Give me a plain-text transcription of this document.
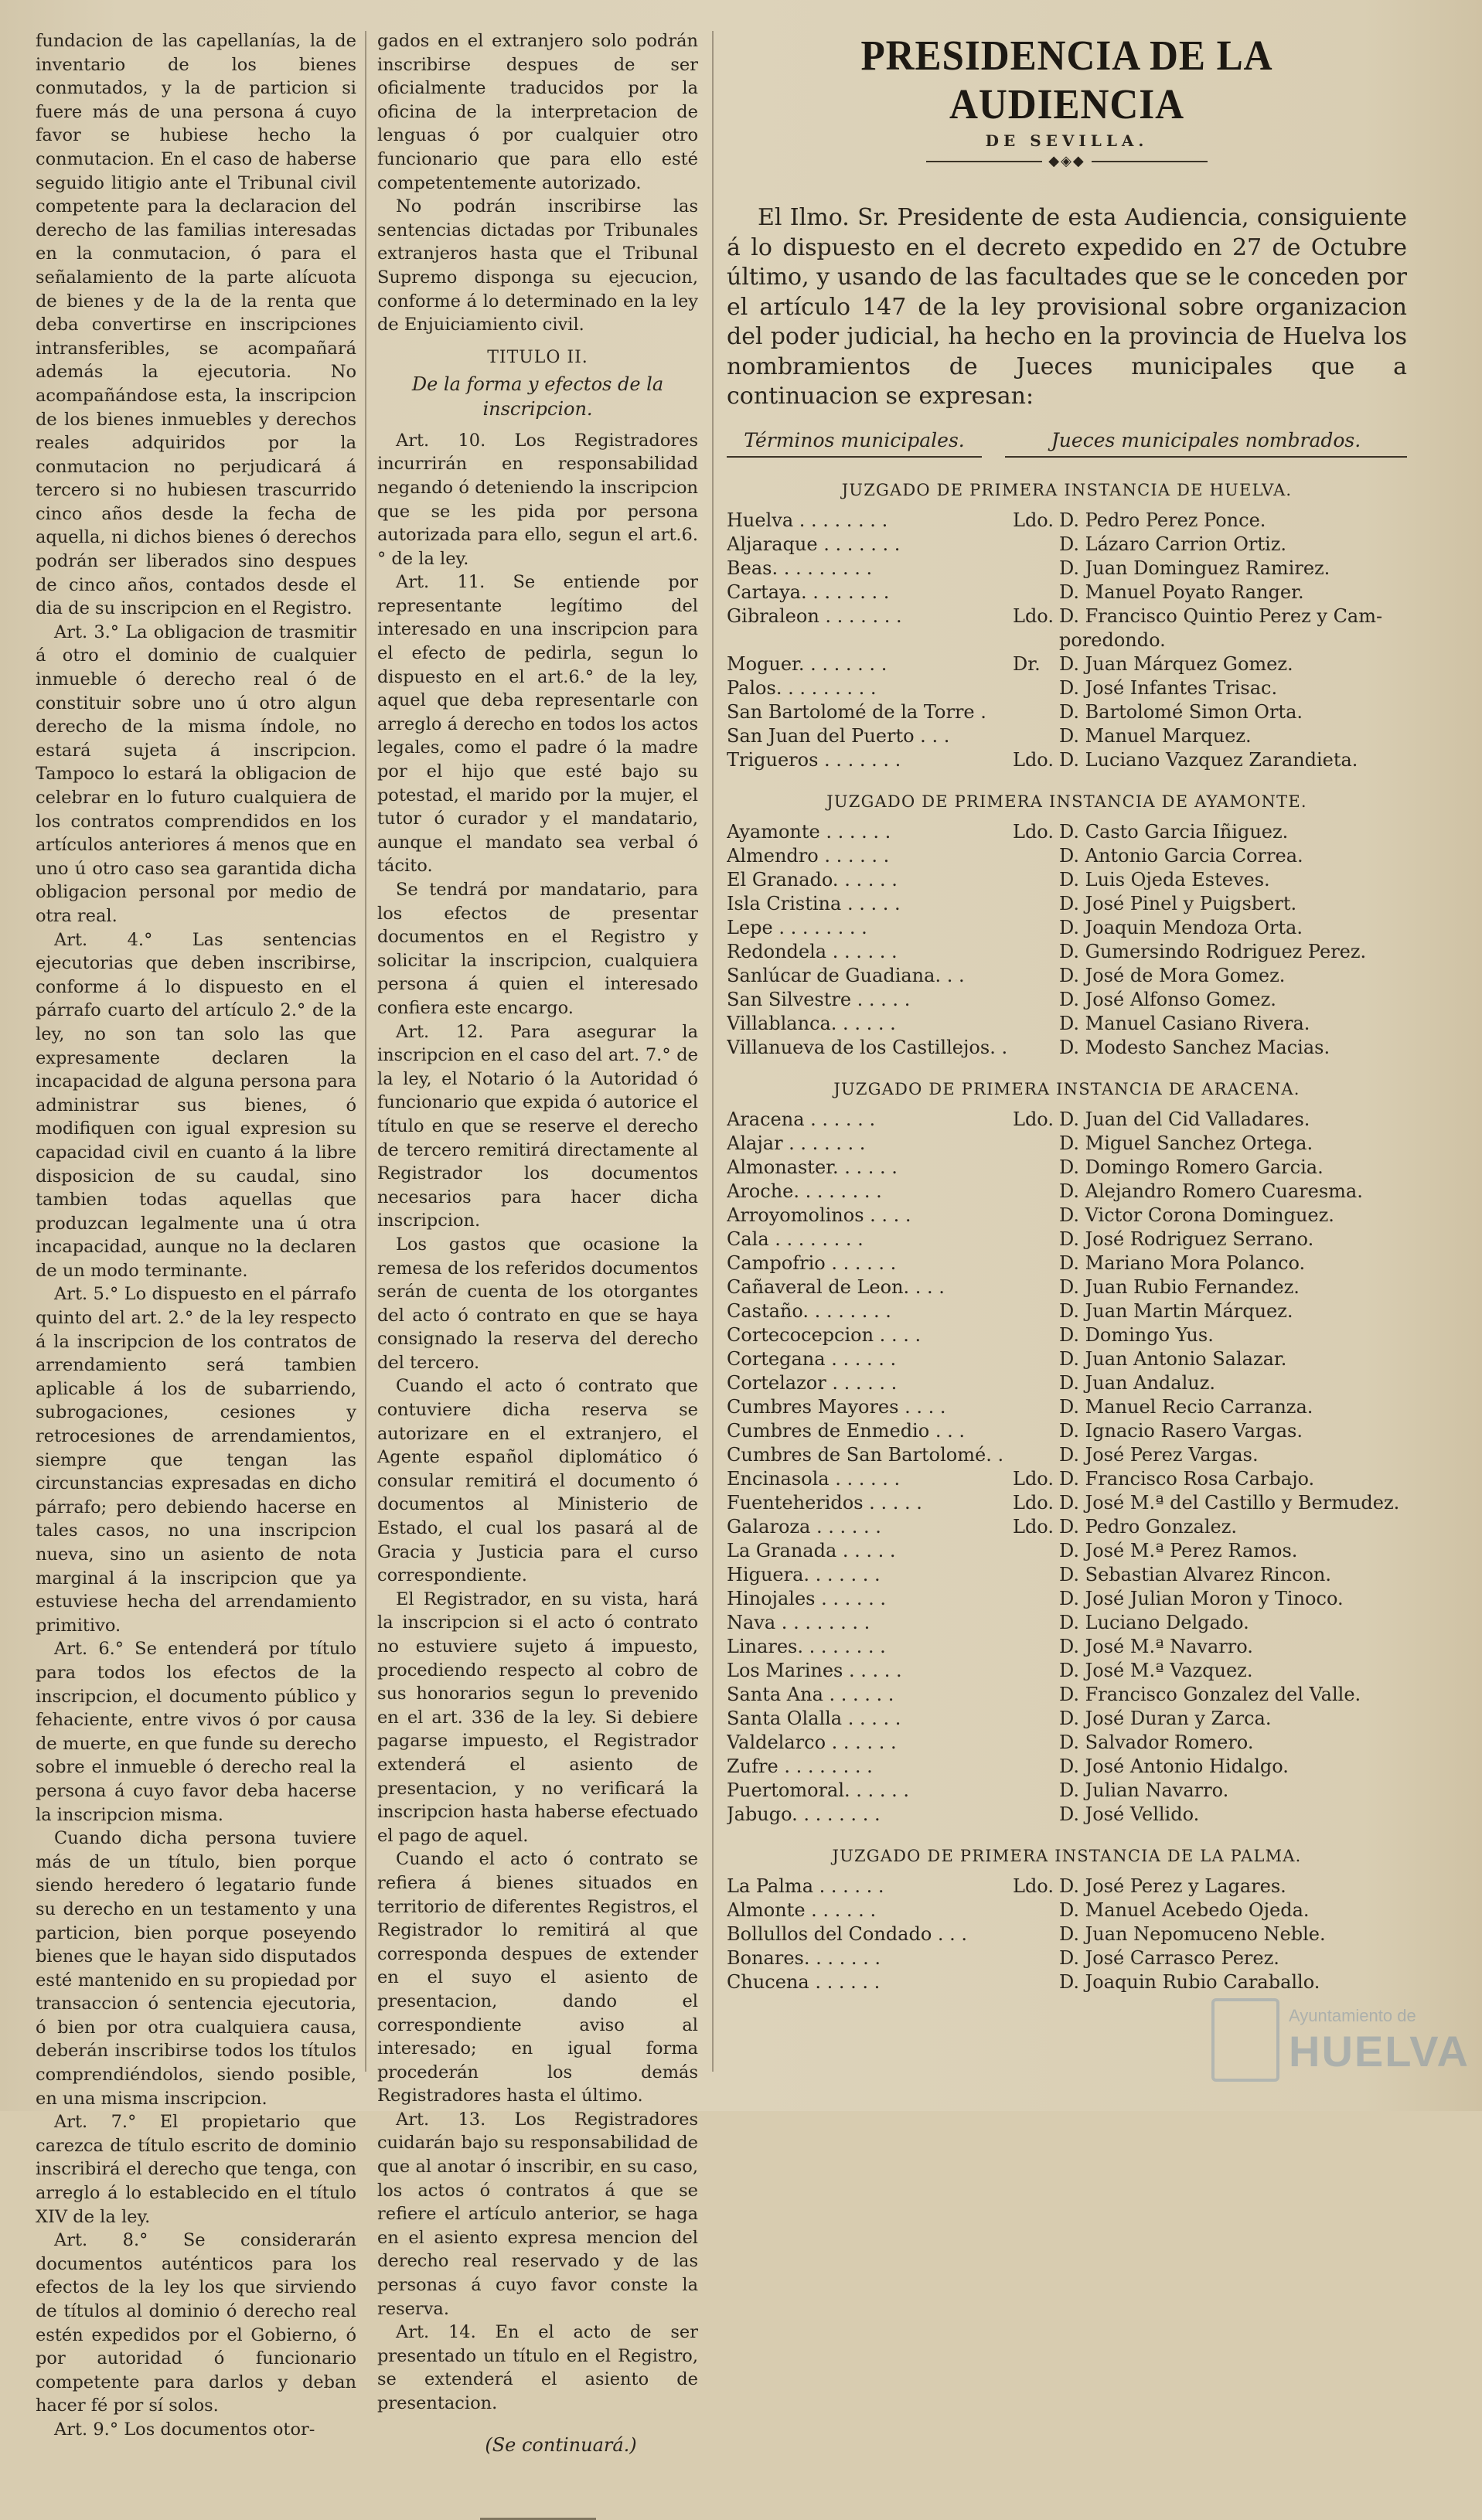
fundacion de las capellanías, la de inventario de los bienes conmutados, y la de particion si fuere más de una persona á cuyo favor se hubiese hecho la conmutacion. En el caso de haberse seguido litigio ante el Tribunal civil competente para la declaracion del derecho de las familias interesadas en la conmutacion, ó para el señalamiento de la parte alícuota de bienes y de la de la renta que deba convertirse en inscripciones intransferibles, se acompañará además la ejecutoria. No acompañándose esta, la inscripcion de los bienes inmuebles y derechos reales adquiridos por la conmutacion no perjudicará á tercero si no hubiesen trascurrido cinco años desde la fecha de aquella, ni dichos bienes ó derechos podrán ser liberados sino despues de cinco años, contados desde el dia de su inscripcion en el Registro.

Art. 3.° La obligacion de trasmitir á otro el dominio de cualquier inmueble ó derecho real ó de constituir sobre uno ú otro algun derecho de la misma índole, no estará sujeta á inscripcion. Tampoco lo estará la obligacion de celebrar en lo futuro cualquiera de los contratos comprendidos en los artículos anteriores á menos que en uno ú otro caso sea garantida dicha obligacion personal por medio de otra real.

Art. 4.° Las sentencias ejecutorias que deben inscribirse, conforme á lo dispuesto en el párrafo cuarto del artículo 2.° de la ley, no son tan solo las que expresamente declaren la incapacidad de alguna persona para administrar sus bienes, ó modifiquen con igual expresion su capacidad civil en cuanto á la libre disposicion de su caudal, sino tambien todas aquellas que produzcan legalmente una ú otra incapacidad, aunque no la declaren de un modo terminante.

Art. 5.° Lo dispuesto en el párrafo quinto del art. 2.° de la ley respecto á la inscripcion de los contratos de arrendamiento será tambien aplicable á los de subarriendo, subrogaciones, cesiones y retrocesiones de arrendamientos, siempre que tengan las circunstancias expresadas en dicho párrafo; pero debiendo hacerse en tales casos, no una inscripcion nueva, sino un asiento de nota marginal á la inscripcion que ya estuviese hecha del arrendamiento primitivo.

Art. 6.° Se entenderá por título para todos los efectos de la inscripcion, el documento público y fehaciente, entre vivos ó por causa de muerte, en que funde su derecho sobre el inmueble ó derecho real la persona á cuyo favor deba hacerse la inscripcion misma.

Cuando dicha persona tuviere más de un título, bien porque siendo heredero ó legatario funde su derecho en un testamento y una particion, bien porque poseyendo bienes que le hayan sido disputados esté mantenido en su propiedad por transaccion ó sentencia ejecutoria, ó bien por otra cualquiera causa, deberán inscribirse todos los títulos comprendiéndolos, siendo posible, en una misma inscripcion.

Art. 7.° El propietario que carezca de título escrito de dominio inscribirá el derecho que tenga, con arreglo á lo establecido en el título XIV de la ley.

Art. 8.° Se considerarán documentos auténticos para los efectos de la ley los que sirviendo de títulos al dominio ó derecho real estén expedidos por el Gobierno, ó por autoridad ó funcionario competente para darlos y deban hacer fé por sí solos.

Art. 9.° Los documentos otor-

gados en el extranjero solo podrán inscribirse despues de ser oficialmente traducidos por la oficina de la interpretacion de lenguas ó por cualquier otro funcionario que para ello esté competentemente autorizado.

No podrán inscribirse las sentencias dictadas por Tribunales extranjeros hasta que el Tribunal Supremo disponga su ejecucion, conforme á lo determinado en la ley de Enjuiciamiento civil.

TITULO II.
De la forma y efectos de la inscripcion.

Art. 10. Los Registradores incurrirán en responsabilidad negando ó deteniendo la inscripcion que se les pida por persona autorizada para ello, segun el art.6.° de la ley.

Art. 11. Se entiende por representante legítimo del interesado en una inscripcion para el efecto de pedirla, segun lo dispuesto en el art.6.° de la ley, aquel que deba representarle con arreglo á derecho en todos los actos legales, como el padre ó la madre por el hijo que esté bajo su potestad, el marido por la mujer, el tutor ó curador y el mandatario, aunque el mandato sea verbal ó tácito.

Se tendrá por mandatario, para los efectos de presentar documentos en el Registro y solicitar la inscripcion, cualquiera persona á quien el interesado confiera este encargo.

Art. 12. Para asegurar la inscripcion en el caso del art. 7.° de la ley, el Notario ó la Autoridad ó funcionario que expida ó autorice el título en que se reserve el derecho de tercero remitirá directamente al Registrador los documentos necesarios para hacer dicha inscripcion.

Los gastos que ocasione la remesa de los referidos documentos serán de cuenta de los otorgantes del acto ó contrato en que se haya consignado la reserva del derecho del tercero.

Cuando el acto ó contrato que contuviere dicha reserva se autorizare en el extranjero, el Agente español diplomático ó consular remitirá el documento ó documentos al Ministerio de Estado, el cual los pasará al de Gracia y Justicia para el curso correspondiente.

El Registrador, en su vista, hará la inscripcion si el acto ó contrato no estuviere sujeto á impuesto, procediendo respecto al cobro de sus honorarios segun lo prevenido en el art. 336 de la ley. Si debiere pagarse impuesto, el Registrador extenderá el asiento de presentacion, y no verificará la inscripcion hasta haberse efectuado el pago de aquel.

Cuando el acto ó contrato se refiera á bienes situados en territorio de diferentes Registros, el Registrador lo remitirá al que corresponda despues de extender en el suyo el asiento de presentacion, dando el correspondiente aviso al interesado; en igual forma procederán los demás Registradores hasta el último.

Art. 13. Los Registradores cuidarán bajo su responsabilidad de que al anotar ó inscribir, en su caso, los actos ó contratos á que se refiere el artículo anterior, se haga en el asiento expresa mencion del derecho real reservado y de las personas á cuyo favor conste la reserva.

Art. 14. En el acto de ser presentado un título en el Registro, se extenderá el asiento de presentacion.

(Se continuará.)
PRESIDENCIA DE LA AUDIENCIA
DE SEVILLA.
◆◈◆

El Ilmo. Sr. Presidente de esta Audiencia, consiguiente á lo dispuesto en el decreto expedido en 27 de Octubre último, y usando de las facultades que se le conceden por el artículo 147 de la ley provisional sobre organizacion del poder judicial, ha hecho en la provincia de Huelva los nombramientos de Jueces municipales que a continuacion se expresan:

Términos municipales.	Jueces municipales nombrados.
JUZGADO DE PRIMERA INSTANCIA DE HUELVA.
Huelva . . . . . . . .	Ldo. D. Pedro Perez Ponce.
Aljaraque . . . . . . .	D. Lázaro Carrion Ortiz.
Beas. . . . . . . . .	D. Juan Dominguez Ramirez.
Cartaya. . . . . . . .	D. Manuel Poyato Ranger.
Gibraleon . . . . . . .	Ldo. D. Francisco Quintio Perez y Cam-
poredondo.
Moguer. . . . . . . .	Dr.	D. Juan Márquez Gomez.
Palos. . . . . . . . .	D. José Infantes Trisac.
San Bartolomé de la Torre .	D. Bartolomé Simon Orta.
San Juan del Puerto . . .	D. Manuel Marquez.
Trigueros . . . . . . .	Ldo. D. Luciano Vazquez Zarandieta.
JUZGADO DE PRIMERA INSTANCIA DE AYAMONTE.
Ayamonte . . . . . .	Ldo. D. Casto Garcia Iñiguez.
Almendro . . . . . .	D. Antonio Garcia Correa.
El Granado. . . . . .	D. Luis Ojeda Esteves.
Isla Cristina . . . . .	D. José Pinel y Puigsbert.
Lepe . . . . . . . .	D. Joaquin Mendoza Orta.
Redondela . . . . . .	D. Gumersindo Rodriguez Perez.
Sanlúcar de Guadiana. . .	D. José de Mora Gomez.
San Silvestre . . . . .	D. José Alfonso Gomez.
Villablanca. . . . . .	D. Manuel Casiano Rivera.
Villanueva de los Castillejos. .	D. Modesto Sanchez Macias.
JUZGADO DE PRIMERA INSTANCIA DE ARACENA.
Aracena . . . . . .	Ldo. D. Juan del Cid Valladares.
Alajar . . . . . . .	D. Miguel Sanchez Ortega.
Almonaster. . . . . .	D. Domingo Romero Garcia.
Aroche. . . . . . . .	D. Alejandro Romero Cuaresma.
Arroyomolinos . . . .	D. Victor Corona Dominguez.
Cala . . . . . . . .	D. José Rodriguez Serrano.
Campofrio . . . . . .	D. Mariano Mora Polanco.
Cañaveral de Leon. . . .	D. Juan Rubio Fernandez.
Castaño. . . . . . . .	D. Juan Martin Márquez.
Cortecocepcion . . . .	D. Domingo Yus.
Cortegana . . . . . .	D. Juan Antonio Salazar.
Cortelazor . . . . . .	D. Juan Andaluz.
Cumbres Mayores . . . .	D. Manuel Recio Carranza.
Cumbres de Enmedio . . .	D. Ignacio Rasero Vargas.
Cumbres de San Bartolomé. .	D. José Perez Vargas.
Encinasola . . . . . .	Ldo. D. Francisco Rosa Carbajo.
Fuenteheridos . . . . .	Ldo. D. José M.ª del Castillo y Bermudez.
Galaroza . . . . . .	Ldo. D. Pedro Gonzalez.
La Granada . . . . .	D. José M.ª Perez Ramos.
Higuera. . . . . . .	D. Sebastian Alvarez Rincon.
Hinojales . . . . . .	D. José Julian Moron y Tinoco.
Nava . . . . . . . .	D. Luciano Delgado.
Linares. . . . . . . .	D. José M.ª Navarro.
Los Marines . . . . .	D. José M.ª Vazquez.
Santa Ana . . . . . .	D. Francisco Gonzalez del Valle.
Santa Olalla . . . . .	D. José Duran y Zarca.
Valdelarco . . . . . .	D. Salvador Romero.
Zufre . . . . . . . .	D. José Antonio Hidalgo.
Puertomoral. . . . . .	D. Julian Navarro.
Jabugo. . . . . . . .	D. José Vellido.
JUZGADO DE PRIMERA INSTANCIA DE LA PALMA.
La Palma . . . . . .	Ldo. D. José Perez y Lagares.
Almonte . . . . . .	D. Manuel Acebedo Ojeda.
Bollullos del Condado . . .	D. Juan Nepomuceno Neble.
Bonares. . . . . . .	D. José Carrasco Perez.
Chucena . . . . . .	D. Joaquin Rubio Caraballo.
Ayuntamiento de
HUELVA
